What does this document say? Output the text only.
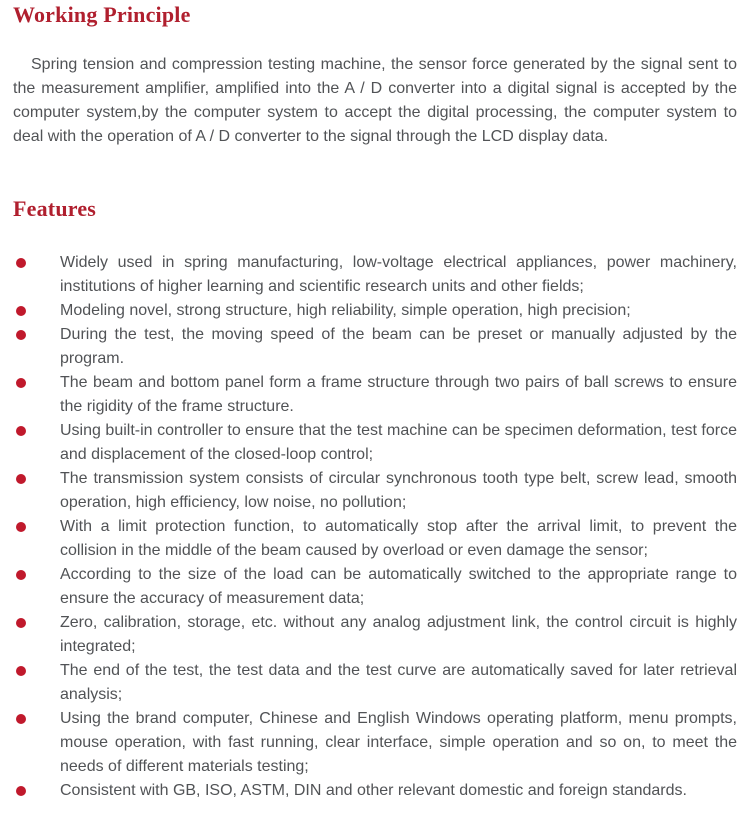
Working Principle

Spring tension and compression testing machine, the sensor force generated by the signal sent to the measurement amplifier, amplified into the A / D converter into a digital signal is accepted by the computer system,by the computer system to accept the digital processing, the computer system to deal with the operation of A / D converter to the signal through the LCD display data.

Features
Widely used in spring manufacturing, low-voltage electrical appliances, power machinery, institutions of higher learning and scientific research units and other fields;
Modeling novel, strong structure, high reliability, simple operation, high precision;
During the test, the moving speed of the beam can be preset or manually adjusted by the program.
The beam and bottom panel form a frame structure through two pairs of ball screws to ensure the rigidity of the frame structure.
Using built-in controller to ensure that the test machine can be specimen deformation, test force and displacement of the closed-loop control;
The transmission system consists of circular synchronous tooth type belt, screw lead, smooth operation, high efficiency, low noise, no pollution;
With a limit protection function, to automatically stop after the arrival limit, to prevent the collision in the middle of the beam caused by overload or even damage the sensor;
According to the size of the load can be automatically switched to the appropriate range to ensure the accuracy of measurement data;
Zero, calibration, storage, etc. without any analog adjustment link, the control circuit is highly integrated;
The end of the test, the test data and the test curve are automatically saved for later retrieval analysis;
Using the brand computer, Chinese and English Windows operating platform, menu prompts, mouse operation, with fast running, clear interface, simple operation and so on, to meet the needs of different materials testing;
Consistent with GB, ISO, ASTM, DIN and other relevant domestic and foreign standards.
